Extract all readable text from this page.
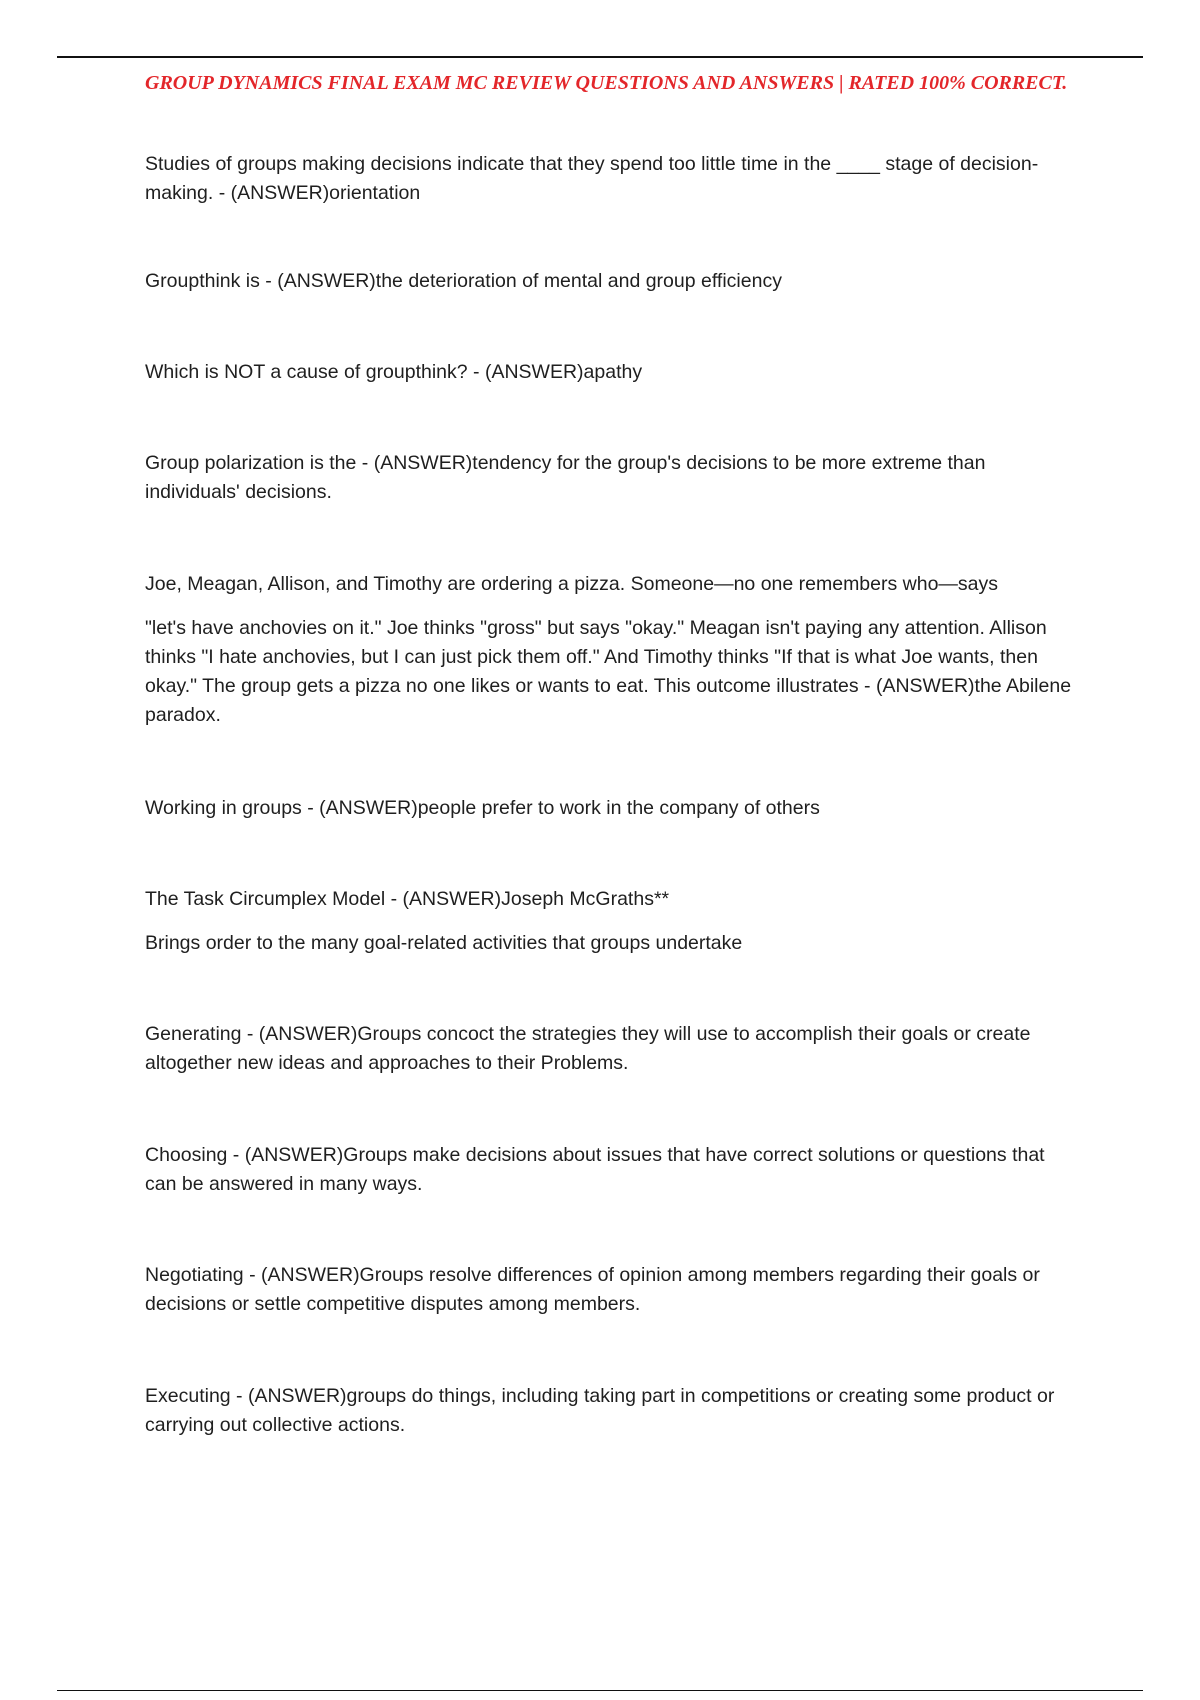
GROUP DYNAMICS FINAL EXAM MC REVIEW QUESTIONS AND ANSWERS | RATED 100% CORRECT.

Studies of groups making decisions indicate that they spend too little time in the ____ stage of decision-making. - (ANSWER)orientation

Groupthink is - (ANSWER)the deterioration of mental and group efficiency

Which is NOT a cause of groupthink? - (ANSWER)apathy

Group polarization is the - (ANSWER)tendency for the group's decisions to be more extreme than individuals' decisions.

Joe, Meagan, Allison, and Timothy are ordering a pizza. Someone—no one remembers who—says

"let's have anchovies on it." Joe thinks "gross" but says "okay." Meagan isn't paying any attention. Allison thinks "I hate anchovies, but I can just pick them off." And Timothy thinks "If that is what Joe wants, then okay." The group gets a pizza no one likes or wants to eat. This outcome illustrates - (ANSWER)the Abilene paradox.

Working in groups - (ANSWER)people prefer to work in the company of others

The Task Circumplex Model - (ANSWER)Joseph McGraths**

Brings order to the many goal-related activities that groups undertake

Generating - (ANSWER)Groups concoct the strategies they will use to accomplish their goals or create altogether new ideas and approaches to their Problems.

Choosing - (ANSWER)Groups make decisions about issues that have correct solutions or questions that can be answered in many ways.

Negotiating - (ANSWER)Groups resolve differences of opinion among members regarding their goals or decisions or settle competitive disputes among members.

Executing - (ANSWER)groups do things, including taking part in competitions or creating some product or carrying out collective actions.
